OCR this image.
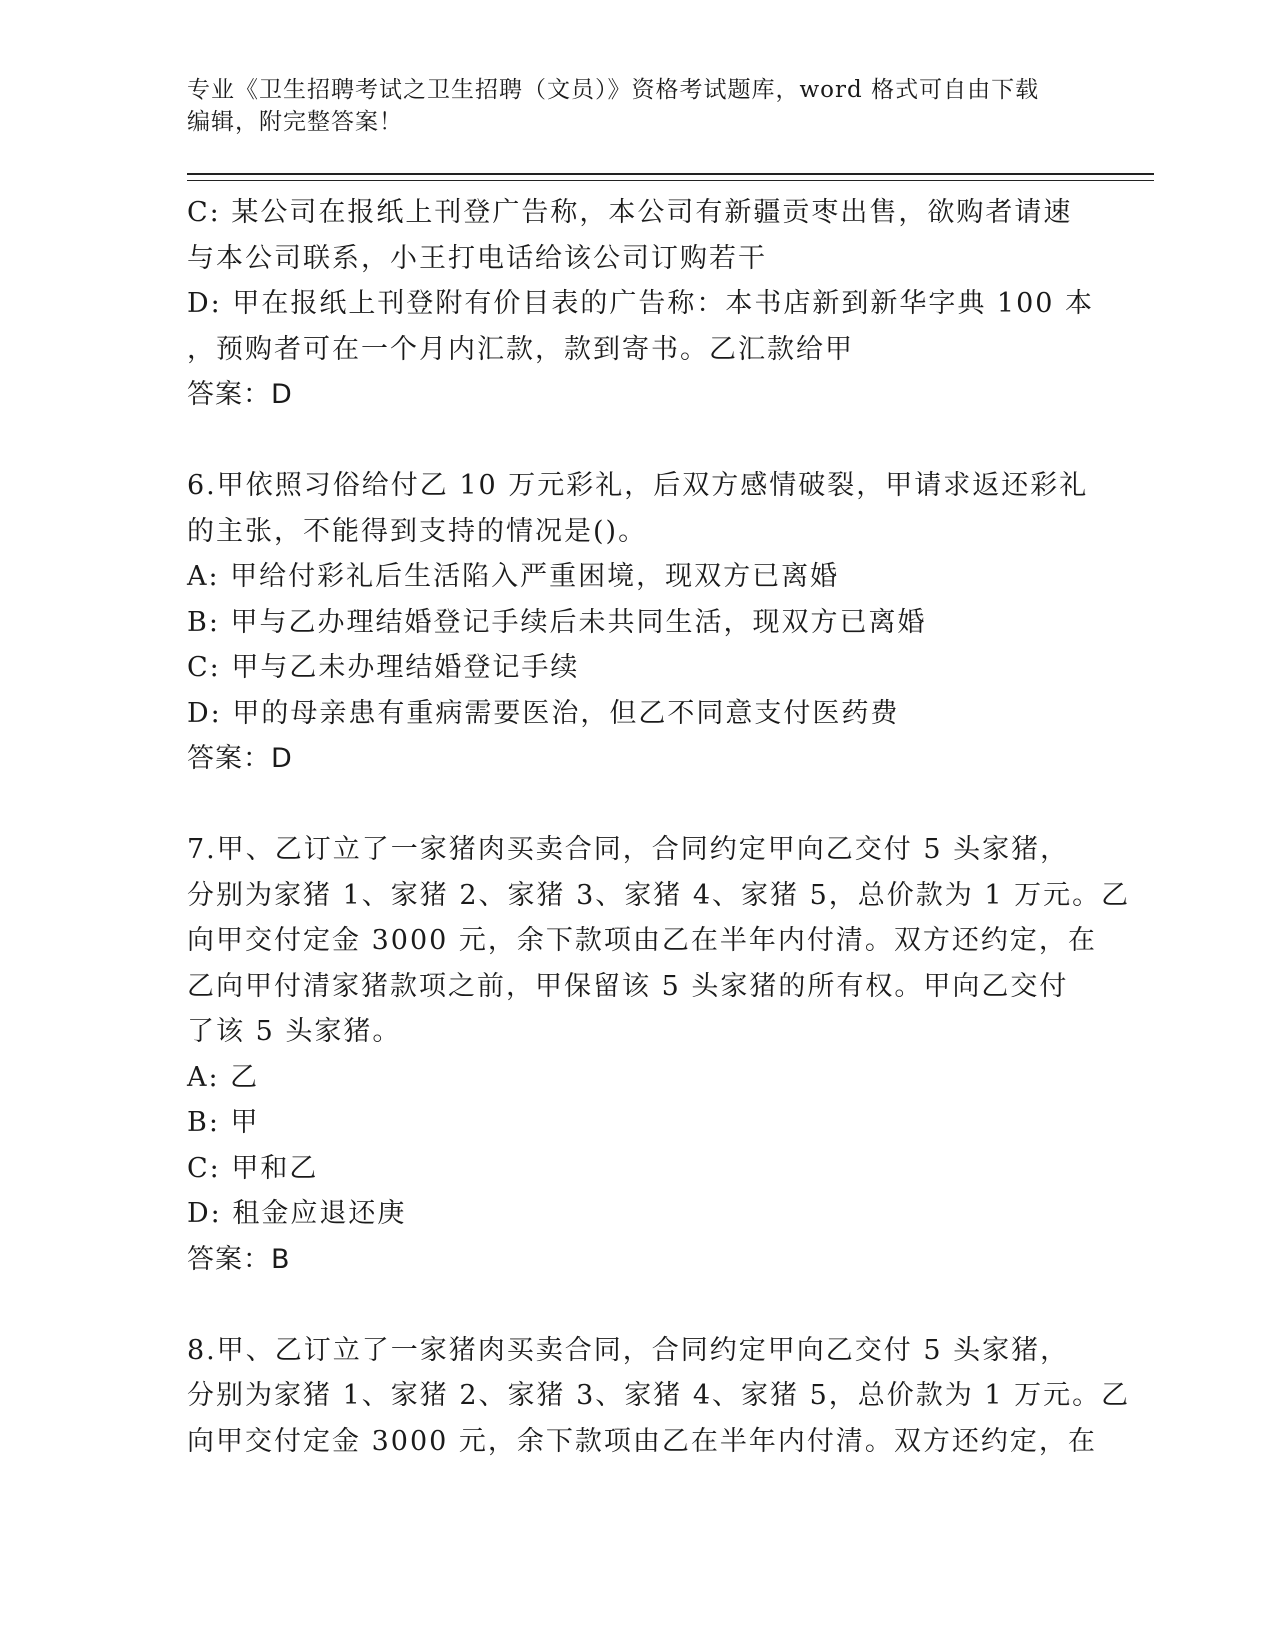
专业《卫生招聘考试之卫生招聘（文员）》资格考试题库，word 格式可自由下载
编辑，附完整答案！
C: 某公司在报纸上刊登广告称，本公司有新疆贡枣出售，欲购者请速
与本公司联系，小王打电话给该公司订购若干
D: 甲在报纸上刊登附有价目表的广告称：本书店新到新华字典 100 本
，预购者可在一个月内汇款，款到寄书。乙汇款给甲
答案：D
6.甲依照习俗给付乙 10 万元彩礼，后双方感情破裂，甲请求返还彩礼
的主张，不能得到支持的情况是()。
A: 甲给付彩礼后生活陷入严重困境，现双方已离婚
B: 甲与乙办理结婚登记手续后未共同生活，现双方已离婚
C: 甲与乙未办理结婚登记手续
D: 甲的母亲患有重病需要医治，但乙不同意支付医药费
答案：D
7.甲、乙订立了一家猪肉买卖合同，合同约定甲向乙交付 5 头家猪，
分别为家猪 1、家猪 2、家猪 3、家猪 4、家猪 5，总价款为 1 万元。乙
向甲交付定金 3000 元，余下款项由乙在半年内付清。双方还约定，在
乙向甲付清家猪款项之前，甲保留该 5 头家猪的所有权。甲向乙交付
了该 5 头家猪。
A: 乙
B: 甲
C: 甲和乙
D: 租金应退还庚
答案：B
8.甲、乙订立了一家猪肉买卖合同，合同约定甲向乙交付 5 头家猪，
分别为家猪 1、家猪 2、家猪 3、家猪 4、家猪 5，总价款为 1 万元。乙
向甲交付定金 3000 元，余下款项由乙在半年内付清。双方还约定，在
